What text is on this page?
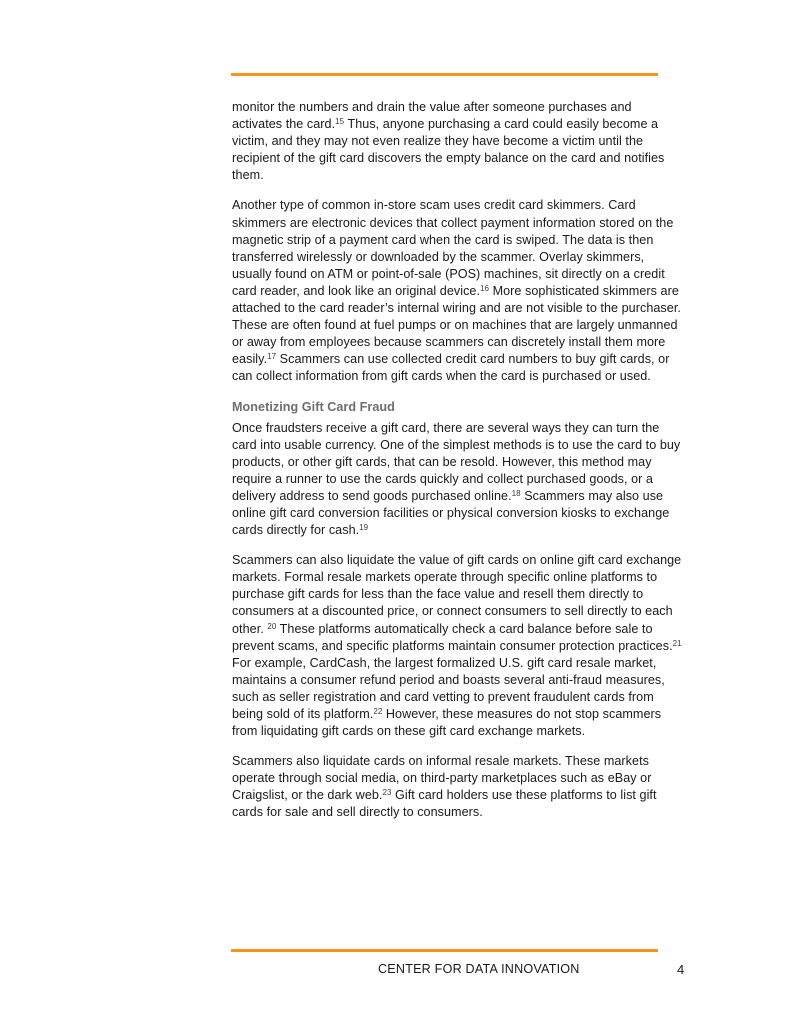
monitor the numbers and drain the value after someone purchases and activates the card.$^{15}$ Thus, anyone purchasing a card could easily become a victim, and they may not even realize they have become a victim until the recipient of the gift card discovers the empty balance on the card and notifies them.

Another type of common in-store scam uses credit card skimmers. Card skimmers are electronic devices that collect payment information stored on the magnetic strip of a payment card when the card is swiped. The data is then transferred wirelessly or downloaded by the scammer. Overlay skimmers, usually found on ATM or point-of-sale (POS) machines, sit directly on a credit card reader, and look like an original device.$^{16}$ More sophisticated skimmers are attached to the card reader’s internal wiring and are not visible to the purchaser. These are often found at fuel pumps or on machines that are largely unmanned or away from employees because scammers can discretely install them more easily.$^{17}$ Scammers can use collected credit card numbers to buy gift cards, or can collect information from gift cards when the card is purchased or used.

Monetizing Gift Card Fraud

Once fraudsters receive a gift card, there are several ways they can turn the card into usable currency. One of the simplest methods is to use the card to buy products, or other gift cards, that can be resold. However, this method may require a runner to use the cards quickly and collect purchased goods, or a delivery address to send goods purchased online.$^{18}$ Scammers may also use online gift card conversion facilities or physical conversion kiosks to exchange cards directly for cash.$^{19}$

Scammers can also liquidate the value of gift cards on online gift card exchange markets. Formal resale markets operate through specific online platforms to purchase gift cards for less than the face value and resell them directly to consumers at a discounted price, or connect consumers to sell directly to each other. $^{20}$ These platforms automatically check a card balance before sale to prevent scams, and specific platforms maintain consumer protection practices.$^{21}$ For example, CardCash, the largest formalized U.S. gift card resale market, maintains a consumer refund period and boasts several anti-fraud measures, such as seller registration and card vetting to prevent fraudulent cards from being sold of its platform.$^{22}$ However, these measures do not stop scammers from liquidating gift cards on these gift card exchange markets.

Scammers also liquidate cards on informal resale markets. These markets operate through social media, on third-party marketplaces such as eBay or Craigslist, or the dark web.$^{23}$ Gift card holders use these platforms to list gift cards for sale and sell directly to consumers.

CENTER FOR DATA INNOVATION	4
